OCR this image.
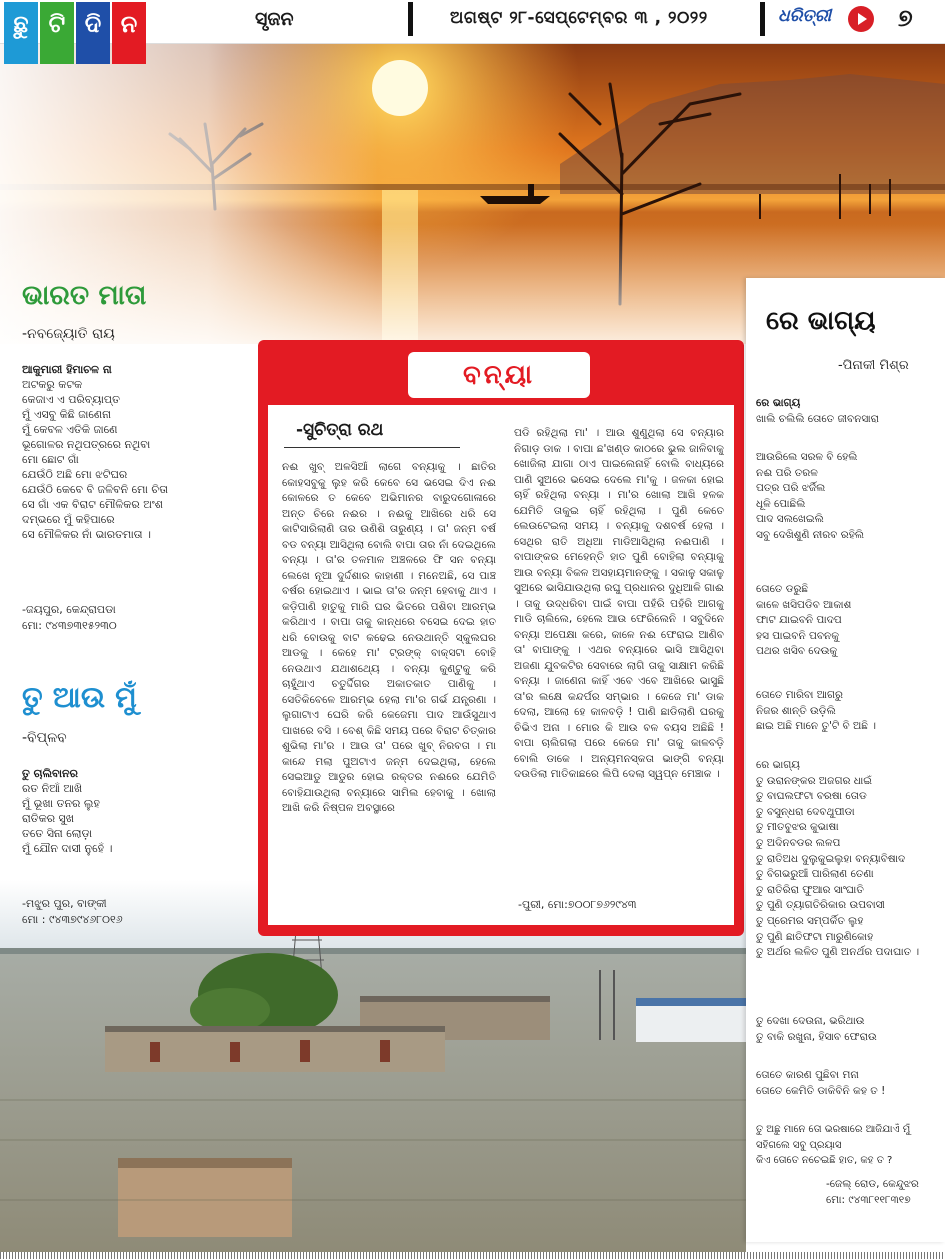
ଛୁ ଟି ଦି ନ	ସୃଜନ	ଅଗଷ୍ଟ ୨୮-ସେପ୍ଟେମ୍ବର ୩ , ୨୦୨୨	ଧରିତ୍ରୀ	୭
ଭାରତ ମାତା
-ନବଜ୍ୟୋତି ରାୟ
ଆକୁମାରୀ ହିମାଚଳ ନା
ଅଟକରୁ କଟକ
କେଜାଏ ଏ ପରିବ୍ୟାପ୍ତ
ମୁଁ ଏସବୁ କିଛି ଜାଣେନା
ମୁଁ କେବଳ ଏତିକି ଜାଣେ
ଭୂଗୋଳର ନଥିପତ୍ରରେ ନଥିବା
ମୋ ଛୋଟ ଗାଁ
ଯେଉଁଠି ଅଛି ମୋ ଝଟିଘର
ଯେଉଁଠି କେବେ ବି ଜଳିବନି ମୋ ଚିତା
ସେ ଗାଁ ଏକ ବିରାଟ ମୌଳିକର ଅଂଶ
ଦମ୍ଭରେ ମୁଁ କହିପାରେ
ସେ ମୌଳିକର ନାଁ ଭାରତମାତା ।
-ଜୟପୁର, କେନ୍ଦ୍ରାପଡା
ମୋ: ୯୪୩୭୩୧୫୨୩୦
ତୁ ଆଉ ମୁଁ
-ବିପ୍ଳବ
ତୁ ଚାଲିବାନର
ରତ ନିଆଁ ଆଖି
ମୁଁ ଭୂଖା ତନର ଲୁହ
ରାତିକର ସୁଖ
ତତେ ସିନା ଲୋଡ଼ା
ମୁଁ ଯୌନ ଦାସୀ ନୁହେଁ ।
-ମଝୁର ପୁର, ବାଙ୍କୀ
ମୋ : ୯୪୩୭୯୪୬୮୦୧୬
ବନ୍ୟା
-ସୁଚିତ୍ରା ରଥ
ନଈ ଖୁବ୍ ଅଳସିଆଁ ଲାଗେ ବନ୍ୟାକୁ । ଛାତିର କୋହସବୁକୁ ଲୁହ କରି କେବେ ସେ ଭସେଇ ଦିଏ ନଈ କୋଳରେ ତ କେବେ ଅଭିମାନର ବାରୁଦଗୋଳାରେ ଅନ୍ତ ଚିରେ ନଈର । ନଈକୁ ଆଖିରେ ଧରି ସେ କାଟିସାରିଲାଣି ତାର ଉଣିଶି ତାରୁଣ୍ୟ । ତା' ଜନ୍ମ ବର୍ଷ ବଡ ବନ୍ୟା ଆସିଥିଲା ବୋଲି ବାପା ତାର ନାଁ ଦେଇଥିଲେ ବନ୍ୟା । ତା'ର ତଳମାଳ ଅଞ୍ଚଳରେ ଫି ସନ ବନ୍ୟା ଲେଖେ ନୂଆ ଦୁର୍ଦ୍ଦଶାର କାହାଣୀ । ମନେଅଛି, ସେ ପାଞ୍ଚ ବର୍ଷର ହୋଇଥାଏ । ଭାଇ ତା'ର ଜନ୍ମ ହେବାକୁ ଥାଏ । କଡ଼ିପାଣି ହାତୁକୁ ମାରି ଘର ଭିତରେ ପଶିବା ଆରମ୍ଭ କରିଥାଏ । ବାପା ତାକୁ କାନ୍ଧରେ ବସେଇ ଦେଇ ହାତ ଧରି ବୋଉକୁ ବାଟ କଢେଇ ନେଉଥାନ୍ତି ସ୍କୁଲଘର ଆଡକୁ । କେହେ ମା' ଟ୍ରଙ୍କ୍ ବାକ୍ସଟା ବୋହି ନେଉଥାଏ ଯଥାଶଥ୍ୟେ । ବନ୍ୟା କୁଣ୍ଟୁକୁ କରି ଚାହୁଁଥାଏ ଚତୁର୍ଦ୍ଦିଗର ଅକାତକାତ ପାଣିକୁ । ସେତିକିବେଳେ ଆରମ୍ଭ ହେଲା ମା'ର ଗର୍ଭ ଯନ୍ତ୍ରଣା । ଲୁଗାଟାଏ ଘେରି କରି କେଜେମା ପାଦ ଆଉଁସୁଥାଏ ପାଖରେ ବସି । ବେଶ୍ କିଛି ସମୟ ପରେ ବିରାଟ ଚିତ୍କାର ଶୁଭିଲା ମା'ର । ଆଉ ତା' ପରେ ଖୁବ୍ ନିରବତା । ମା କାନ୍ଦେ ମଲା ପୁଅଟାଏ ଜନ୍ମ ଦେଇଥିଲା, ହେଲେ ସେଇଆଡୁ ଆଡୁର ହୋଇ ରକ୍ତର ନଈରେ ଯେମିତି ବୋହିଯାଉଥିଲା ବନ୍ୟାରେ ସାମିଲ ହେବାକୁ । ଖୋଲା ଆଖି କରି ନିଷ୍ପଳ ଅବସ୍ଥାରେ
ପଡି ରହିଥିଲା ମା' । ଆଉ ଶୁଣୁଥିଲା ସେ ବନ୍ୟାର ନିଗାଡ଼ ଡାକ । ବାପା ଛ'ଖଣ୍ଡ କାଠରେ ଭୁଲ ଜାଳିବାକୁ ଖୋଜିଲା ଯାଗା ଠାଏ ପାଇଲେନାହିଁ ବୋଲି ବାଧ୍ୟରେ ପାଣି ସୁଅରେ ଭସେଇ ଦେଲେ ମା'କୁ । ଜଳକା ହୋଇ ଚାହିଁ ରହିଥିଲା ବନ୍ୟା । ମା'ର ଖୋଲା ଆଖି ହଳକ ଯେମିତି ତାକୁଇ ଚାହିଁ ରହିଥିଲା । ପୁଣି କେତେ ଲେଉଟେଇଲା ସମୟ । ବନ୍ୟାକୁ ଦଶବର୍ଷ ହେଲା । ସେଥିର ରାତି ଅଧିଆ ମାଡିଆସିଥିଲା ନଈପାଣି । ବାପାଙ୍କର ମେହେନ୍ତି ହାତ ପୁଣି ବୋହିଲା ବନ୍ୟାକୁ ଆଉ ବନ୍ୟା ବିକଳ ଅସହାୟମାନଙ୍କୁ । ସକାଳୁ ସକାଳୁ ସୁଅରେ ଭାସିଯାଉଥିଲା ରଘୁ ପ୍ରଧାନର ଦୁଧିଆଳି ଗାଈ । ତାକୁ ଉଦ୍ଧରିବା ପାଇଁ ବାପା ପହଁରି ପହଁରି ଆଗକୁ ମାଡି ଚାଲିଲେ, ହେଲେ ଆଉ ଫେରିଲେନି । ସବୁଦିନେ ବନ୍ୟା ଅପେକ୍ଷା କରେ, କାଳେ ନଈ ଫେରାଇ ଆଣିବ ତା' ବାପାଙ୍କୁ । ଏଥର ବନ୍ୟାରେ ଭାସି ଆସିଥିବା ଅଜଣା ଯୁବକଟିର ସେବାରେ ଲାଗି ତାକୁ ସାକ୍ଷାମ କରିଛି ବନ୍ୟା । ଜାଣେନା କାହିଁ ଏବେ ଏବେ ଆଖିରେ ଭାସୁଛି ତା'ର ଲକ୍ଷେ କନ୍ଦର୍ପର ସମ୍ଭାର । କେଜେ ମା' ଡାକ ଦେଲା, ଆଲୋ ହେ କାଳବଡ଼ି ! ପାଣି ଛାଡିଲାଣି ଘରକୁ ଚିଭିଏ ଅନା । ମୋର କି ଆଉ ବଳ ବୟସ ଅଛିଛି ! ବାପା ଚାଲିଗଲା ପରେ କେଜେ ମା' ତାକୁ କାଳବଡ଼ି ବୋଲି ଡାକେ । ଅନ୍ୟମନସ୍କତା ଭାଙ୍ଗି ବନ୍ୟା ଦଉଡିଲା ମାତିକାଛରେ ଲିପି ଦେଲା ସ୍ୱପ୍ନ ମେଞ୍ଚାକ ।
-ପୁରୀ, ମୋ:୭୦୦୮୭୬୨୯୪୩
ରେ ଭାଗ୍ୟ
-ପିନାକୀ ମିଶ୍ର
ରେ ଭାଗ୍ୟ
ଖାଲି ଚଲିଲି ତୋତେ ଜୀବନସାରା
ଆଉରିଲେ ସରଳ ବି ହେଲି
ନଈ ପରି ତରଳ
ପତ୍ର ପରି ଝର୍ଜିଲ
ଧୂଳି ପୋଛିଲି
ପାଦ ସଲଖେଇଲି
ସବୁ ଦେଖିଶୁଣି ନୀରବ ରହିଲି
ତୋତେ ଡରୁଛି
କାଳେ ଖସିପଡିବ ଆକାଶ
ଫାଟ ଯାଇବନି ପାଦପ
ହସ ପାଇବନି ପବନକୁ
ପଥର ଖସିବ ଦେଉକୁ
ତୋତେ ମାରିବା ଆଗରୁ
ନିଜର ଶାନ୍ତି ଉଡ଼ିଲି
ଛାଇ ଅଛି ମାନେ ତୁ'ଟି ବି ଅଛି ।
ରେ ଭାଗ୍ୟ
ତୁ ଉରାନଙ୍କର ଅଜଗର ଧାଇଁ
ତୁ ବାଘଲଫଟା ବରଷା ତୋଡ
ତୁ ବସୁନ୍ଧରା ଦେବଥୁପୀଡା
ତୁ ମୀତବୁଝର କୁଭାଷା
ତୁ ଅଦିନବଡର ଲଳପ
ତୁ ରାତିଅଧ ଦୁଲୁକୁଇଲୁହା ବନ୍ୟାବିଷାଦ
ତୁ ବିଗଭରୁଆଁ ପାରିଲାଣ ତେଣା
ତୁ ରାତିରିରା ଫୁଆର ସାଂଘାତି
ତୁ ପୁଣି ତ୍ୟାଗତିରିକାର ଉପବାସୀ
ତୁ ପ୍ରେମର ସମ୍ପର୍କିତ ଲୁହ
ତୁ ପୁଣି ଛାତିଫଟା ମାରୁଣିକୋହ
ତୁ ଅର୍ଥର ଲଳିତ ପୁଣି ଅନର୍ଥର ପଦାଘାତ ।
ତୁ ଦେଖା ଦେଉନା, ଭରିଥାଉ
ତୁ ବାକି ରଖୁନା, ହିସାବ ଫେରାଉ
ତୋତେ କାରଣ ପୁଛିବା ମନା
ତୋତେ କେମିତି ଡାକିବିନି କହ ତ !
ତୁ ଅଛୁ ମାନେ ତୋ ଭରଷାରେ ଆଜିଯାଏଁ ମୁଁ
ସହିଗଲେ ସବୁ ପ୍ରୟାସ
କିଏ ତୋତେ ନଚେଇଛି ହାତ, କହ ତ ?
-ଜେଲ୍ ରୋଡ, କେନ୍ଦୁଝର
ମୋ: ୯୪୩୮୧୧୮୩୧୭
